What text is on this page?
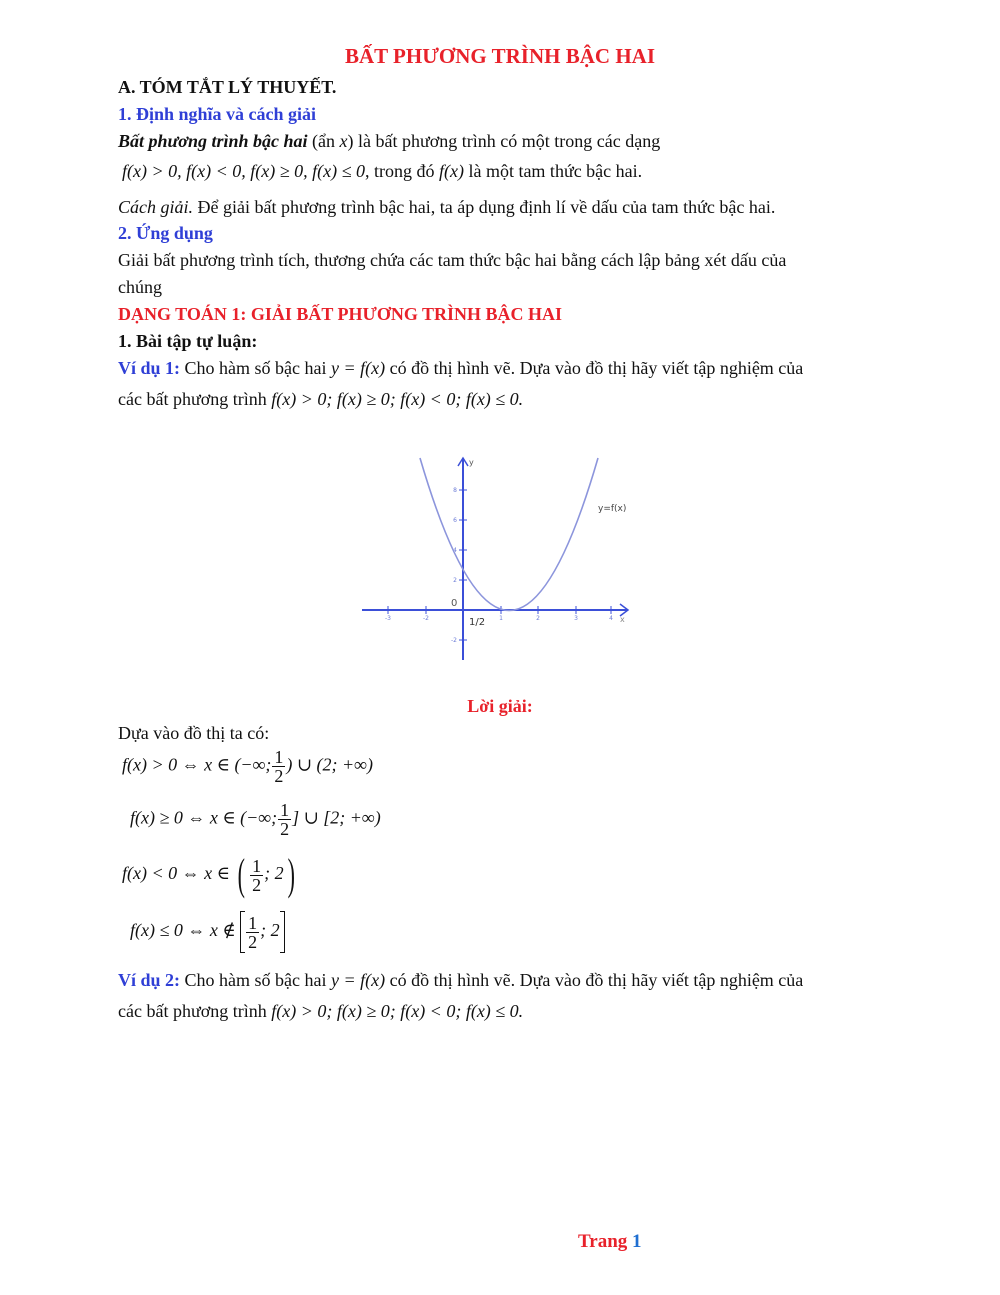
BẤT PHƯƠNG TRÌNH BẬC HAI
A. TÓM TẮT LÝ THUYẾT.
1. Định nghĩa và cách giải
Bất phương trình bậc hai (ẩn x) là bất phương trình có một trong các dạng
f(x) > 0, f(x) < 0, f(x) ≥ 0, f(x) ≤ 0, trong đó f(x) là một tam thức bậc hai.
Cách giải. Để giải bất phương trình bậc hai, ta áp dụng định lí về dấu của tam thức bậc hai.
2. Ứng dụng
Giải bất phương trình tích, thương chứa các tam thức bậc hai bằng cách lập bảng xét dấu của
chúng
DẠNG TOÁN 1: GIẢI BẤT PHƯƠNG TRÌNH BẬC HAI
1. Bài tập tự luận:
Ví dụ 1: Cho hàm số bậc hai y = f(x) có đồ thị hình vẽ. Dựa vào đồ thị hãy viết tập nghiệm của
các bất phương trình f(x) > 0; f(x) ≥ 0; f(x) < 0; f(x) ≤ 0.
-3	-2	1	2	3	4
8
6
4
2
-2
y
x
0
y=f(x)
1/2
Lời giải:
Dựa vào đồ thị ta có:
f(x) > 0 ⇔ x ∈ (−∞; $\frac{1}{2}$ ) ∪ (2; +∞)
f(x) ≥ 0 ⇔ x ∈ (−∞; $\frac{1}{2}$ ] ∪ [2; +∞)
f(x) < 0 ⇔ x ∈ ( $\frac{1}{2}$ ; 2)
f(x) ≤ 0 ⇔ x ∉ $\frac{1}{2}$ ; 2
Ví dụ 2: Cho hàm số bậc hai y = f(x) có đồ thị hình vẽ. Dựa vào đồ thị hãy viết tập nghiệm của
các bất phương trình f(x) > 0; f(x) ≥ 0; f(x) < 0; f(x) ≤ 0.
Trang 1
